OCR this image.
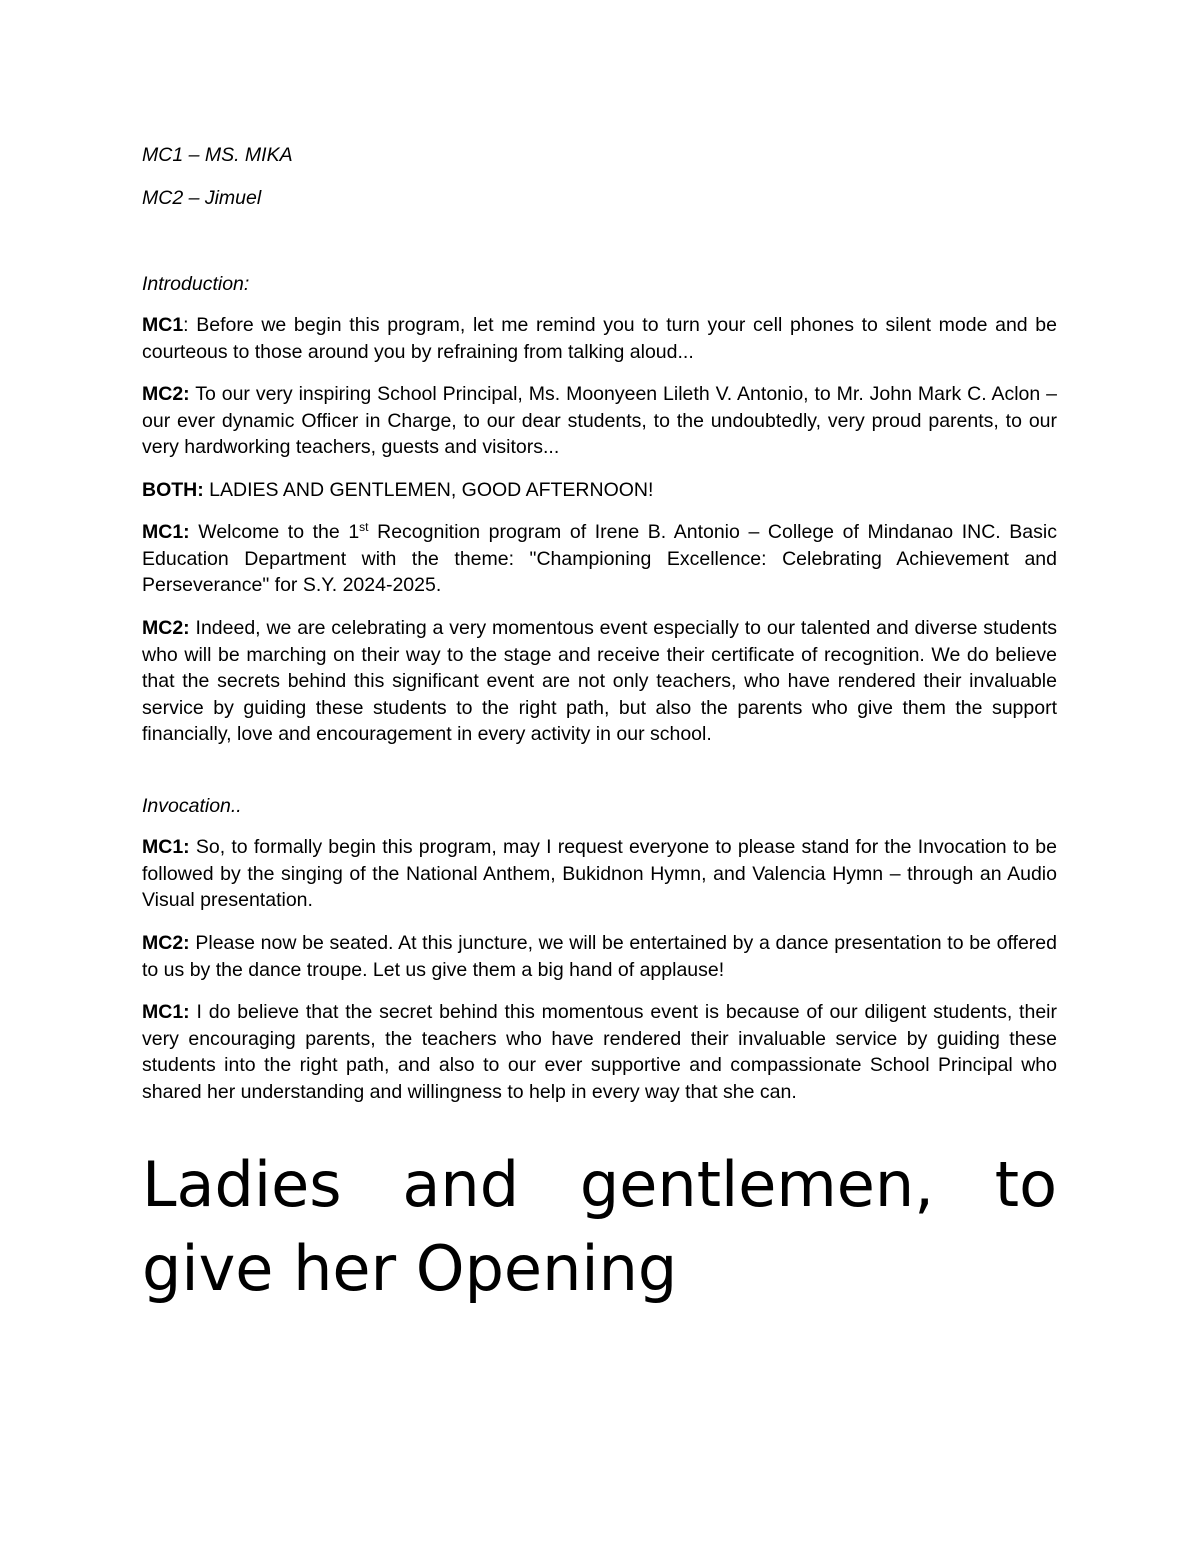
MC1 – MS. MIKA
MC2 – Jimuel
Introduction:
MC1: Before we begin this program, let me remind you to turn your cell phones to silent mode and be courteous to those around you by refraining from talking aloud...
MC2: To our very inspiring School Principal, Ms. Moonyeen Lileth V. Antonio, to Mr. John Mark C. Aclon – our ever dynamic Officer in Charge, to our dear students, to the undoubtedly, very proud parents, to our very hardworking teachers, guests and visitors...
BOTH: LADIES AND GENTLEMEN, GOOD AFTERNOON!
MC1: Welcome to the 1st Recognition program of Irene B. Antonio – College of Mindanao INC. Basic Education Department with the theme: "Championing Excellence: Celebrating Achievement and Perseverance" for S.Y. 2024-2025.
MC2: Indeed, we are celebrating a very momentous event especially to our talented and diverse students who will be marching on their way to the stage and receive their certificate of recognition. We do believe that the secrets behind this significant event are not only teachers, who have rendered their invaluable service by guiding these students to the right path, but also the parents who give them the support financially, love and encouragement in every activity in our school.
Invocation..
MC1: So, to formally begin this program, may I request everyone to please stand for the Invocation to be followed by the singing of the National Anthem, Bukidnon Hymn, and Valencia Hymn – through an Audio Visual presentation.
MC2: Please now be seated. At this juncture, we will be entertained by a dance presentation to be offered to us by the dance troupe. Let us give them a big hand of applause!
MC1: I do believe that the secret behind this momentous event is because of our diligent students, their very encouraging parents, the teachers who have rendered their invaluable service by guiding these students into the right path, and also to our ever supportive and compassionate School Principal who shared her understanding and willingness to help in every way that she can.
Ladies and gentlemen, to give her Opening
